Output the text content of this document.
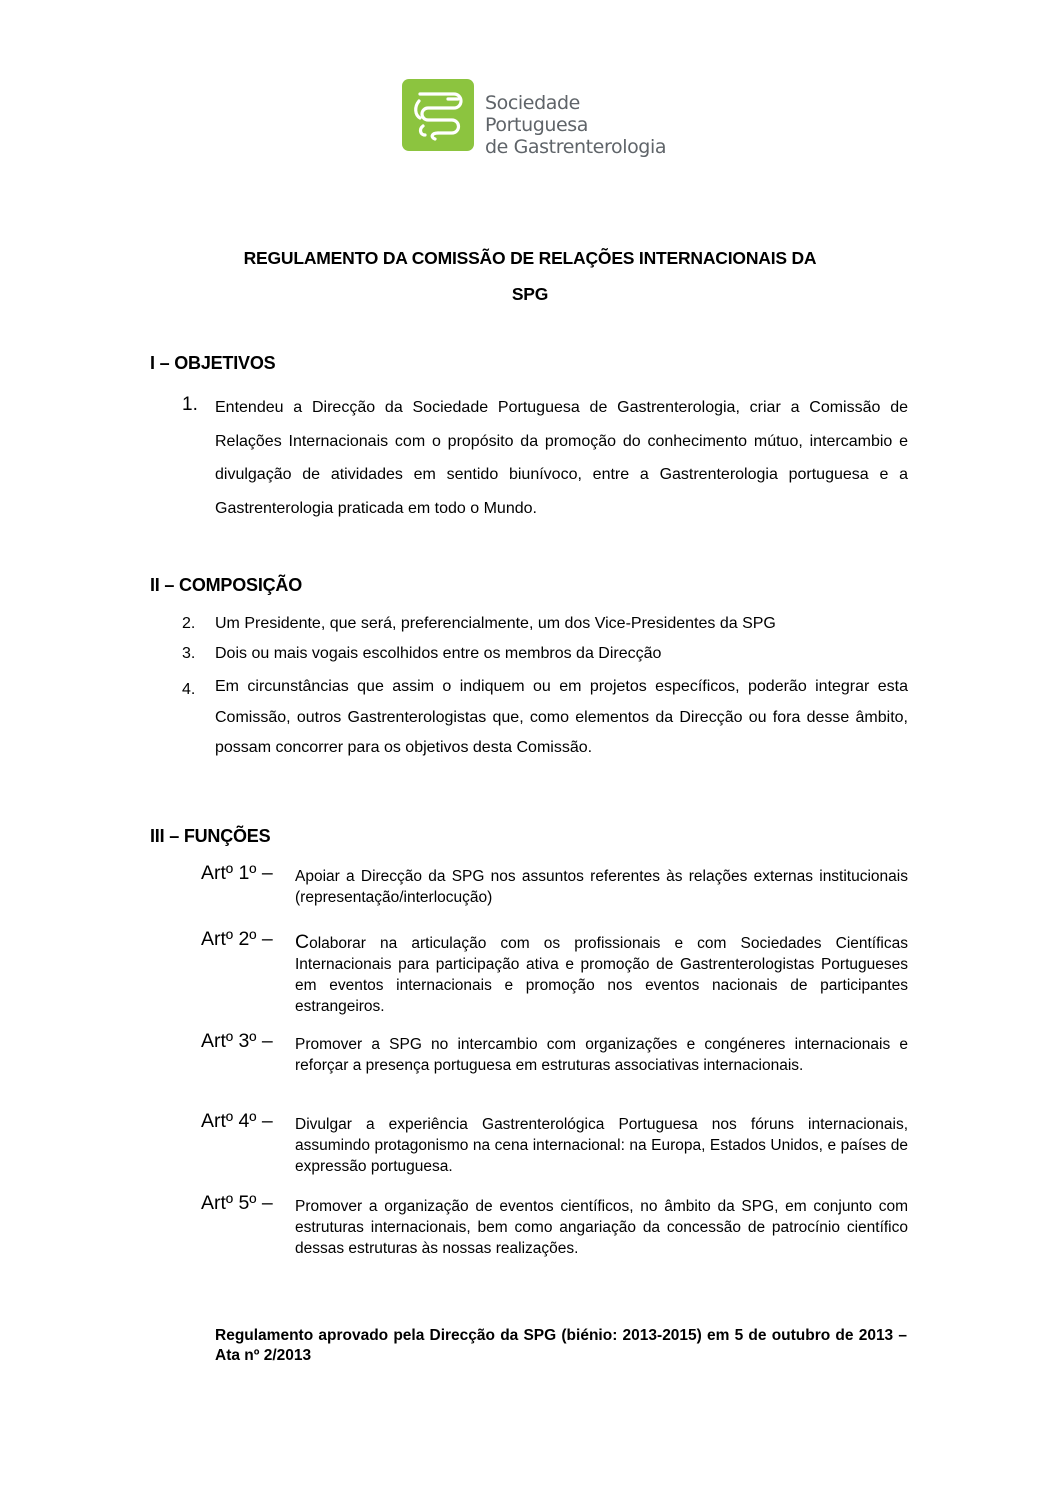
Sociedade Portuguesa
de Gastrenterologia
REGULAMENTO DA COMISSÃO DE RELAÇÕES INTERNACIONAIS DA
SPG
I – OBJETIVOS
1. Entendeu a Direcção da Sociedade Portuguesa de Gastrenterologia, criar a Comissão de Relações Internacionais com o propósito da promoção do conhecimento mútuo, intercambio e divulgação de atividades em sentido biunívoco, entre a Gastrenterologia portuguesa e a Gastrenterologia praticada em todo o Mundo.
II – COMPOSIÇÃO
2. Um Presidente, que será, preferencialmente, um dos Vice-Presidentes da SPG
3. Dois ou mais vogais escolhidos entre os membros da Direcção
4. Em circunstâncias que assim o indiquem ou em projetos específicos, poderão integrar esta Comissão, outros Gastrenterologistas que, como elementos da Direcção ou fora desse âmbito, possam concorrer para os objetivos desta Comissão.
III – FUNÇÕES
Artº 1º – Apoiar a Direcção da SPG nos assuntos referentes às relações externas institucionais (representação/interlocução)
Artº 2º – Colaborar na articulação com os profissionais e com Sociedades Científicas Internacionais para participação ativa e promoção de Gastrenterologistas Portugueses em eventos internacionais e promoção nos eventos nacionais de participantes estrangeiros.
Artº 3º – Promover a SPG no intercambio com organizações e congéneres internacionais e reforçar a presença portuguesa em estruturas associativas internacionais.
Artº 4º – Divulgar a experiência Gastrenterológica Portuguesa nos fóruns internacionais, assumindo protagonismo na cena internacional: na Europa, Estados Unidos, e países de expressão portuguesa.
Artº 5º – Promover a organização de eventos científicos, no âmbito da SPG, em conjunto com estruturas internacionais, bem como angariação da concessão de patrocínio científico dessas estruturas às nossas realizações.
Regulamento aprovado pela Direcção da SPG (biénio: 2013-2015) em 5 de outubro de 2013 – Ata nº 2/2013
